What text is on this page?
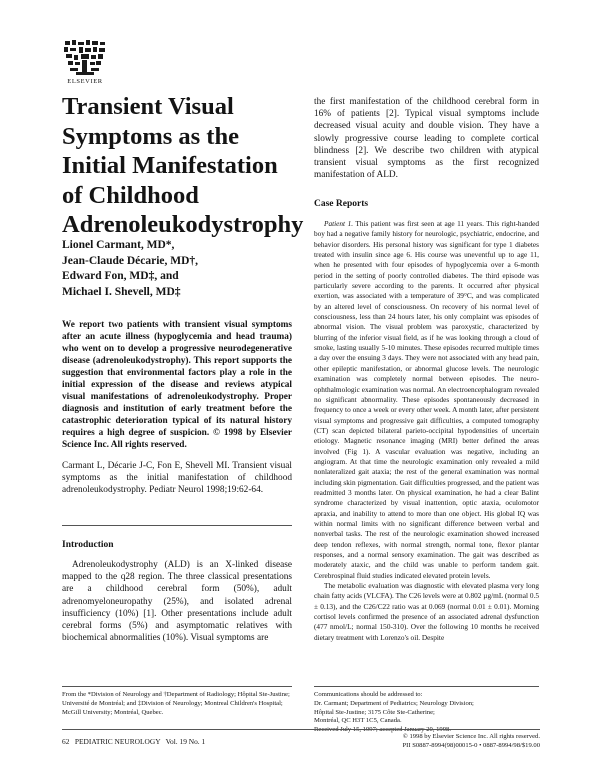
ELSEVIER
Transient Visual
Symptoms as the
Initial Manifestation
of Childhood
Adrenoleukodystrophy
Lionel Carmant, MD*,
Jean-Claude Décarie, MD†,
Edward Fon, MD‡, and
Michael I. Shevell, MD‡
We report two patients with transient visual symptoms after an acute illness (hypoglycemia and head trauma) who went on to develop a progressive neurodegenerative disease (adrenoleukodystrophy). This report supports the suggestion that environmental factors play a role in the initial expression of the disease and reviews atypical visual manifestations of adrenoleukodystrophy. Proper diagnosis and institution of early treatment before the catastrophic deterioration typical of its natural history requires a high degree of suspicion. © 1998 by Elsevier Science Inc. All rights reserved.
Carmant L, Décarie J-C, Fon E, Shevell MI. Transient visual symptoms as the initial manifestation of childhood adrenoleukodystrophy. Pediatr Neurol 1998;19:62-64.
Introduction
Adrenoleukodystrophy (ALD) is an X-linked disease mapped to the q28 region. The three classical presentations are a childhood cerebral form (50%), adult adrenomyeloneuropathy (25%), and isolated adrenal insufficiency (10%) [1]. Other presentations include adult cerebral forms (5%) and asymptomatic relatives with biochemical abnormalities (10%). Visual symptoms are
the first manifestation of the childhood cerebral form in 16% of patients [2]. Typical visual symptoms include decreased visual acuity and double vision. They have a slowly progressive course leading to complete cortical blindness [2]. We describe two children with atypical transient visual symptoms as the first recognized manifestation of ALD.
Case Reports

Patient 1. This patient was first seen at age 11 years. This right-handed boy had a negative family history for neurologic, psychiatric, endocrine, and behavior disorders. His personal history was significant for type 1 diabetes treated with insulin since age 6. His course was uneventful up to age 11, when he presented with four episodes of hypoglycemia over a 6-month period in the setting of poorly controlled diabetes. The third episode was particularly severe according to the parents. It occurred after physical exertion, was associated with a temperature of 39°C, and was complicated by an altered level of consciousness. On recovery of his normal level of consciousness, less than 24 hours later, his only complaint was episodes of abnormal vision. The visual problem was paroxystic, characterized by blurring of the inferior visual field, as if he was looking through a cloud of smoke, lasting usually 5-10 minutes. These episodes recurred multiple times a day over the ensuing 3 days. They were not associated with any head pain, other epileptic manifestation, or abnormal glucose levels. The neurologic examination was completely normal between episodes. The neuro-ophthalmologic examination was normal. An electroencephalogram revealed no significant abnormality. These episodes spontaneously decreased in frequency to once a week or every other week. A month later, after persistent visual symptoms and progressive gait difficulties, a computed tomography (CT) scan depicted bilateral parieto-occipital hypodensities of uncertain etiology. Magnetic resonance imaging (MRI) better defined the areas involved (Fig 1). A vascular evaluation was negative, including an angiogram. At that time the neurologic examination only revealed a mild nonlateralized gait ataxia; the rest of the general examination was normal including skin pigmentation. Gait difficulties progressed, and the patient was readmitted 3 months later. On physical examination, he had a clear Balint syndrome characterized by visual inattention, optic ataxia, oculomotor apraxia, and inability to attend to more than one object. His global IQ was within normal limits with no significant difference between verbal and nonverbal tasks. The rest of the neurologic examination showed increased deep tendon reflexes, with normal strength, normal tone, flexor plantar responses, and a normal sensory examination. The gait was described as moderately ataxic, and the child was unable to perform tandem gait. Cerebrospinal fluid studies indicated elevated protein levels.

The metabolic evaluation was diagnostic with elevated plasma very long chain fatty acids (VLCFA). The C26 levels were at 0.802 µg/mL (normal 0.5 ± 0.13), and the C26/C22 ratio was at 0.069 (normal 0.01 ± 0.01). Morning cortisol levels confirmed the presence of an associated adrenal dysfunction (477 nmol/L; normal 150-310). Over the following 10 months he received dietary treatment with Lorenzo's oil. Despite

From the *Division of Neurology and †Department of Radiology; Hôpital Ste-Justine; Université de Montréal; and ‡Division of Neurology; Montreal Children's Hospital; McGill University; Montréal, Quebec.
Communications should be addressed to:
Dr. Carmant; Department of Pediatrics; Neurology Division;
Hôpital Ste-Justine; 3175 Côte Ste-Catherine;
Montréal, QC H3T 1C5, Canada.
Received July 15, 1997; accepted January 20, 1998.
62   PEDIATRIC NEUROLOGY   Vol. 19 No. 1
© 1998 by Elsevier Science Inc. All rights reserved.
PII S0887-8994(98)00015-0 • 0887-8994/98/$19.00
